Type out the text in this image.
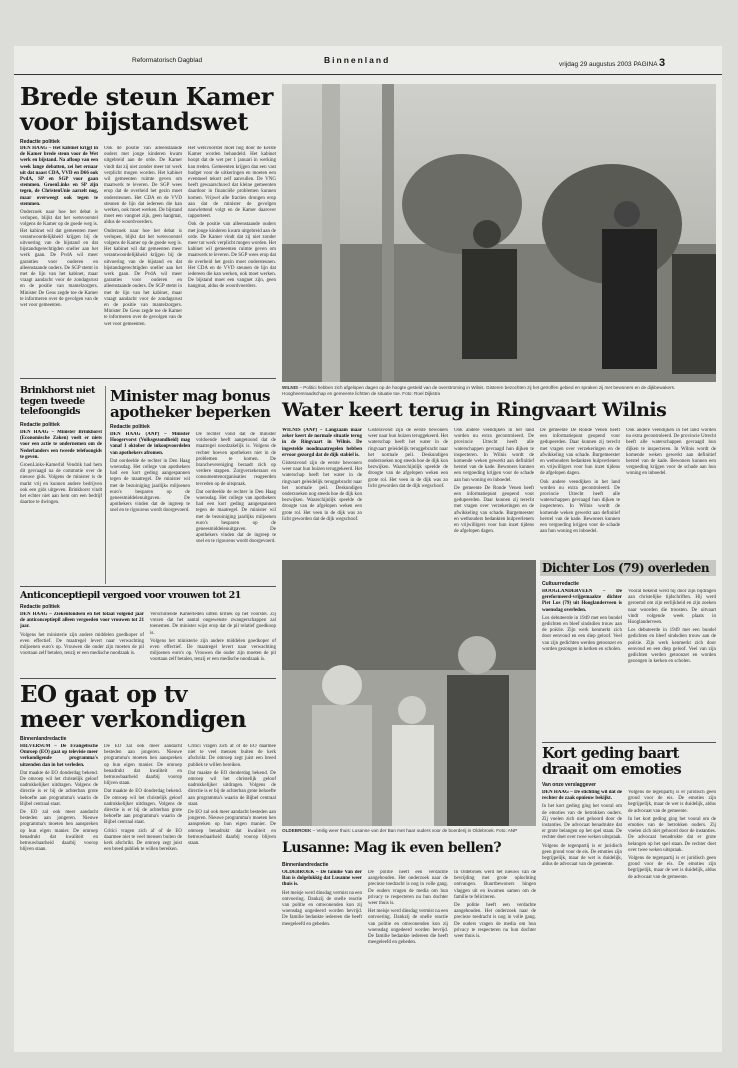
Reformatorisch Dagblad	Binnenland	vrijdag 29 augustus 2003 PAGINA 3
Brede steun Kamer
voor bijstandswet
Redactie politiek

DEN HAAG – Het kabinet krijgt in de Kamer brede steun voor de Wet werk en bijstand. Na afloop van een week lange debatten, zei het ernaar uit dat naast CDA, VVD en D66 ook PvdA, SP en SGP voor gaan stemmen. GroenLinks en SP zijn tegen, de ChristenUnie aarzelt nog, maar overweegt ook tegen te stemmen.

Onderzoek naar hoe het debat is verlopen, blijkt dat het wetsvoorstel volgens de Kamer op de goede weg is. Het kabinet wil dat gemeenten meer verantwoordelijkheid krijgen bij de uitvoering van de bijstand en dat bijstandsgerechtigden sneller aan het werk gaan. De PvdA wil meer garanties voor ouderen en alleenstaande ouders. De SGP stemt in met de lijn van het kabinet, maar vraagt aandacht voor de zondagsrust en de positie van mantelzorgers. Minister De Geus zegde toe de Kamer te informeren over de gevolgen van de wet voor gemeenten.

Ook de positie van alleenstaande ouders met jonge kinderen kwam uitgebreid aan de orde. De Kamer vindt dat zij niet zonder meer tot werk verplicht mogen worden. Het kabinet wil gemeenten ruimte geven om maatwerk te leveren. De SGP wees erop dat de overheid het gezin moet ondersteunen. Het CDA en de VVD steunen de lijn dat iedereen die kan werken, ook moet werken. De bijstand moet een vangnet zijn, geen hangmat, aldus de woordvoerders.

Onderzoek naar hoe het debat is verlopen, blijkt dat het wetsvoorstel volgens de Kamer op de goede weg is. Het kabinet wil dat gemeenten meer verantwoordelijkheid krijgen bij de uitvoering van de bijstand en dat bijstandsgerechtigden sneller aan het werk gaan. De PvdA wil meer garanties voor ouderen en alleenstaande ouders. De SGP stemt in met de lijn van het kabinet, maar vraagt aandacht voor de zondagsrust en de positie van mantelzorgers. Minister De Geus zegde toe de Kamer te informeren over de gevolgen van de wet voor gemeenten.

Het wetsvoorstel moet nog door de Eerste Kamer worden behandeld. Het kabinet hoopt dat de wet per 1 januari in werking kan treden. Gemeenten krijgen dan een vast budget voor de uitkeringen en moeten een eventueel tekort zelf aanvullen. De VNG heeft gewaarschuwd dat kleine gemeenten daardoor in financiële problemen kunnen komen. Vrijwel alle fracties drongen erop aan dat de minister de gevolgen nauwlettend volgt en de Kamer daarover rapporteert.

Ook de positie van alleenstaande ouders met jonge kinderen kwam uitgebreid aan de orde. De Kamer vindt dat zij niet zonder meer tot werk verplicht mogen worden. Het kabinet wil gemeenten ruimte geven om maatwerk te leveren. De SGP wees erop dat de overheid het gezin moet ondersteunen. Het CDA en de VVD steunen de lijn dat iedereen die kan werken, ook moet werken. De bijstand moet een vangnet zijn, geen hangmat, aldus de woordvoerders.

WILNIS – Politici hebben zich afgelopen dagen op de hoogte gesteld van de overstroming in Wilnis. Gisteren bezochten zij het getroffen gebied en spraken zij met bewoners en de dijkbewakers. Hoogheemraadschap en gemeente lichtten de situatie toe. Foto: Roel Dijkstra
Brinkhorst niet
tegen tweede
telefoongids
Redactie politiek

DEN HAAG – Minister Brinkhorst (Economische Zaken) voelt er niets voor een actie te ondernemen om de Nederlanders een tweede telefoongids te geven.

GroenLinks-Kamerlid Vendrik had hem dit gevraagd na de commotie over de nieuwe gids. Volgens de minister is de markt vrij en kunnen andere bedrijven ook een gids uitgeven. Brinkhorst vindt het echter niet aan hem om een bedrijf daartoe te dwingen.

Minister mag bonus
apotheker beperken
Redactie politiek

DEN HAAG (ANP) – Minister Hoogervorst (Volksgezondheid) mag vanaf 1 oktober de inkoopvoordelen van apothekers afromen.

Dat oordeelde de rechter in Den Haag woensdag. Het college van apothekers had een kort geding aangespannen tegen de maatregel. De minister wil met de bezuiniging jaarlijks miljoenen euro's besparen op de geneesmiddelenuitgaven. De apothekers vinden dat de ingreep te snel en te rigoureus wordt doorgevoerd.

De rechter vond dat de minister voldoende heeft aangetoond dat de maatregel noodzakelijk is. Volgens de rechter hoeven apothekers niet in de problemen te komen. De branchevereniging beraadt zich op verdere stappen. Zorgverzekeraars en consumentenorganisaties reageerden tevreden op de uitspraak.

Dat oordeelde de rechter in Den Haag woensdag. Het college van apothekers had een kort geding aangespannen tegen de maatregel. De minister wil met de bezuiniging jaarlijks miljoenen euro's besparen op de geneesmiddelenuitgaven. De apothekers vinden dat de ingreep te snel en te rigoureus wordt doorgevoerd.

Water keert terug in Ringvaart Wilnis

WILNIS (ANP) – Langzaam maar zeker keert de normale situatie terug in de Ringvaart in Wilnis. De ingestelde noodmaatregelen hebben ervoor gezorgd dat de dijk stabiel is.

Gisteravond zijn de eerste bewoners weer naar hun huizen teruggekeerd. Het waterschap heeft het water in de ringvaart geleidelijk teruggebracht naar het normale peil. Deskundigen onderzoeken nog steeds hoe de dijk kon bezwijken. Waarschijnlijk speelde de droogte van de afgelopen weken een grote rol. Het veen in de dijk was zo licht geworden dat de dijk wegschoof.

Gisteravond zijn de eerste bewoners weer naar hun huizen teruggekeerd. Het waterschap heeft het water in de ringvaart geleidelijk teruggebracht naar het normale peil. Deskundigen onderzoeken nog steeds hoe de dijk kon bezwijken. Waarschijnlijk speelde de droogte van de afgelopen weken een grote rol. Het veen in de dijk was zo licht geworden dat de dijk wegschoof.

Ook andere veendijken in het land worden nu extra gecontroleerd. De provincie Utrecht heeft alle waterschappen gevraagd hun dijken te inspecteren. In Wilnis wordt de komende weken gewerkt aan definitief herstel van de kade. Bewoners kunnen een vergoeding krijgen voor de schade aan hun woning en inboedel.

De gemeente De Ronde Venen heeft een informatiepunt geopend voor gedupeerden. Daar kunnen zij terecht met vragen over verzekeringen en de afwikkeling van schade. Burgemeester en wethouders bedankten hulpverleners en vrijwilligers voor hun inzet tijdens de afgelopen dagen.

De gemeente De Ronde Venen heeft een informatiepunt geopend voor gedupeerden. Daar kunnen zij terecht met vragen over verzekeringen en de afwikkeling van schade. Burgemeester en wethouders bedankten hulpverleners en vrijwilligers voor hun inzet tijdens de afgelopen dagen.

Ook andere veendijken in het land worden nu extra gecontroleerd. De provincie Utrecht heeft alle waterschappen gevraagd hun dijken te inspecteren. In Wilnis wordt de komende weken gewerkt aan definitief herstel van de kade. Bewoners kunnen een vergoeding krijgen voor de schade aan hun woning en inboedel.

Ook andere veendijken in het land worden nu extra gecontroleerd. De provincie Utrecht heeft alle waterschappen gevraagd hun dijken te inspecteren. In Wilnis wordt de komende weken gewerkt aan definitief herstel van de kade. Bewoners kunnen een vergoeding krijgen voor de schade aan hun woning en inboedel.

Anticonceptiepil vergoed voor vrouwen tot 21
Redactie politiek

DEN HAAG – Ziekenfondsen en het totaal volgend jaar de anticonceptiepil alleen vergoeden voor vrouwen tot 21 jaar.

Volgens het ministerie zijn andere middelen goedkoper of even effectief. De maatregel levert naar verwachting miljoenen euro's op. Vrouwen die ouder zijn moeten de pil voortaan zelf betalen, tenzij er een medische noodzaak is.

Verschillende Kamerleden uitten kritiek op het voorstel. Zij vrezen dat het aantal ongewenste zwangerschappen zal toenemen. De minister wijst erop dat de pil relatief goedkoop is.

Volgens het ministerie zijn andere middelen goedkoper of even effectief. De maatregel levert naar verwachting miljoenen euro's op. Vrouwen die ouder zijn moeten de pil voortaan zelf betalen, tenzij er een medische noodzaak is.

OLDEBROEK – Veilig weer thuis: Lusanne van der Ban met haar ouders voor de boerderij in Oldebroek. Foto: ANP
Dichter Los (79) overleden
Cultuurredactie

HOOGLANDERVEEN – De gereformeerd-vrijgemaakte dichter Piet Los (79) uit Hooglanderveen is woensdag overleden.

Los debuteerde in 1949 met een bundel gedichten en bleef sindsdien trouw aan de poëzie. Zijn werk kenmerkt zich door eenvoud en een diep geloof. Veel van zijn gedichten werden getoonzet en worden gezongen in kerken en scholen.

Vooral bekend werd hij door zijn bijdragen aan christelijke tijdschriften. Hij werd geroemd om zijn eerlijkheid en zijn zoeken naar woorden die troosten. De uitvaart vindt volgende week plaats in Hooglanderveen.

Los debuteerde in 1949 met een bundel gedichten en bleef sindsdien trouw aan de poëzie. Zijn werk kenmerkt zich door eenvoud en een diep geloof. Veel van zijn gedichten werden getoonzet en worden gezongen in kerken en scholen.

EO gaat op tv
meer verkondigen
Binnenlandredactie

HILVERSUM – De Evangelische Omroep (EO) gaat op televisie meer verkondigende programma's uitzenden dan in het verleden.

Dat maakte de EO donderdag bekend. De omroep wil het christelijk geloof nadrukkelijker uitdragen. Volgens de directie is er bij de achterban grote behoefte aan programma's waarin de Bijbel centraal staat.

De EO zal ook meer aandacht besteden aan jongeren. Nieuwe programma's moeten hen aanspreken op hun eigen manier. De omroep benadrukt dat kwaliteit en betrouwbaarheid daarbij voorop blijven staan.

De EO zal ook meer aandacht besteden aan jongeren. Nieuwe programma's moeten hen aanspreken op hun eigen manier. De omroep benadrukt dat kwaliteit en betrouwbaarheid daarbij voorop blijven staan.

Dat maakte de EO donderdag bekend. De omroep wil het christelijk geloof nadrukkelijker uitdragen. Volgens de directie is er bij de achterban grote behoefte aan programma's waarin de Bijbel centraal staat.

Critici vragen zich af of de EO daarmee niet te veel mensen buiten de kerk afschrikt. De omroep zegt juist een breed publiek te willen bereiken.

Critici vragen zich af of de EO daarmee niet te veel mensen buiten de kerk afschrikt. De omroep zegt juist een breed publiek te willen bereiken.

Dat maakte de EO donderdag bekend. De omroep wil het christelijk geloof nadrukkelijker uitdragen. Volgens de directie is er bij de achterban grote behoefte aan programma's waarin de Bijbel centraal staat.

De EO zal ook meer aandacht besteden aan jongeren. Nieuwe programma's moeten hen aanspreken op hun eigen manier. De omroep benadrukt dat kwaliteit en betrouwbaarheid daarbij voorop blijven staan.	Lusanne: Mag ik even bellen?
Binnenlandredactie

OLDEBROEK – De familie Van der Ban is dolgelukkig dat Lusanne weer thuis is.

Het meisje werd dinsdag vermist na een ontvoering. Dankzij de snelle reactie van politie en omwonenden kon zij woensdag ongedeerd worden bevrijd. De familie bedankte iedereen die heeft meegeleefd en gebeden.

De politie heeft een verdachte aangehouden. Het onderzoek naar de precieze toedracht is nog in volle gang. De ouders vragen de media om hun privacy te respecteren nu hun dochter weer thuis is.

Het meisje werd dinsdag vermist na een ontvoering. Dankzij de snelle reactie van politie en omwonenden kon zij woensdag ongedeerd worden bevrijd. De familie bedankte iedereen die heeft meegeleefd en gebeden.

In Oldebroek werd het nieuws van de bevrijding met grote opluchting ontvangen. Buurtbewoners hingen vlaggen uit en kwamen samen om de familie te feliciteren.

De politie heeft een verdachte aangehouden. Het onderzoek naar de precieze toedracht is nog in volle gang. De ouders vragen de media om hun privacy te respecteren nu hun dochter weer thuis is.

Kort geding baart
draait om emoties
Van onze verslaggever

DEN HAAG – De stichting wil dat de rechter de zaak opnieuw bekijkt.

In het kort geding ging het vooral om de emoties van de betrokken ouders. Zij voelen zich niet gehoord door de instanties. De advocaat benadrukte dat er grote belangen op het spel staan. De rechter doet over twee weken uitspraak.

Volgens de tegenpartij is er juridisch geen grond voor de eis. De emoties zijn begrijpelijk, maar de wet is duidelijk, aldus de advocaat van de gemeente.

Volgens de tegenpartij is er juridisch geen grond voor de eis. De emoties zijn begrijpelijk, maar de wet is duidelijk, aldus de advocaat van de gemeente.

In het kort geding ging het vooral om de emoties van de betrokken ouders. Zij voelen zich niet gehoord door de instanties. De advocaat benadrukte dat er grote belangen op het spel staan. De rechter doet over twee weken uitspraak.

Volgens de tegenpartij is er juridisch geen grond voor de eis. De emoties zijn begrijpelijk, maar de wet is duidelijk, aldus de advocaat van de gemeente.
